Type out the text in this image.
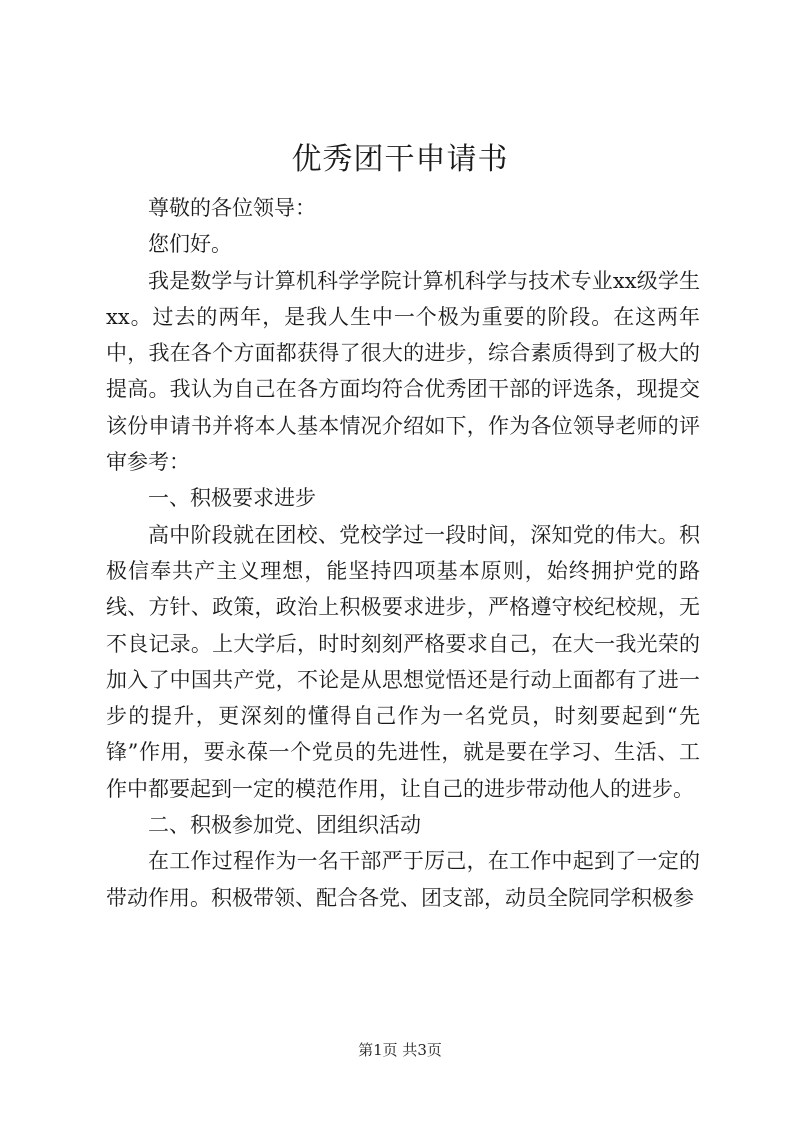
优秀团干申请书

尊敬的各位领导：

您们好。

我是数学与计算机科学学院计算机科学与技术专业xx级学生xx。过去的两年，是我人生中一个极为重要的阶段。在这两年中，我在各个方面都获得了很大的进步，综合素质得到了极大的提高。我认为自己在各方面均符合优秀团干部的评选条，现提交该份申请书并将本人基本情况介绍如下，作为各位领导老师的评审参考：

一、积极要求进步

高中阶段就在团校、党校学过一段时间，深知党的伟大。积极信奉共产主义理想，能坚持四项基本原则，始终拥护党的路线、方针、政策，政治上积极要求进步，严格遵守校纪校规，无不良记录。上大学后，时时刻刻严格要求自己，在大一我光荣的加入了中国共产党，不论是从思想觉悟还是行动上面都有了进一步的提升，更深刻的懂得自己作为一名党员，时刻要起到“先锋”作用，要永葆一个党员的先进性，就是要在学习、生活、工作中都要起到一定的模范作用，让自己的进步带动他人的进步。

二、积极参加党、团组织活动

在工作过程作为一名干部严于厉己，在工作中起到了一定的带动作用。积极带领、配合各党、团支部，动员全院同学积极参

第1页 共3页
